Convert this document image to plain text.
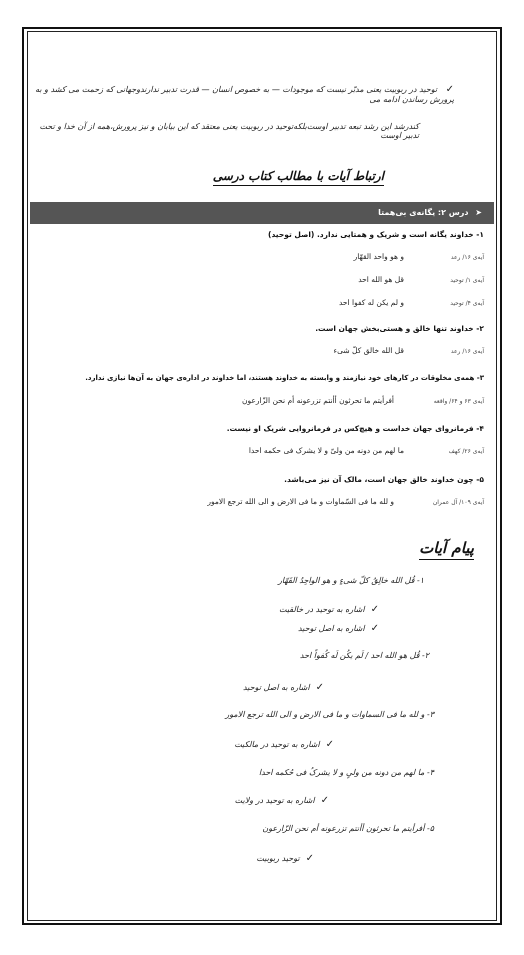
✓ توحید در ربوبیت یعنی مدبّر نیست که موجودات — به خصوص انسان — قدرت تدبیر ندارندو‌جهانی که زحمت می کشد و به پرورش رساندن ادامه می
کندرشد این رشد تبعه تدبیر اوست‌بلکه‌توحید در ربوبیت یعنی معتقد که این بیابان و نیز پرورش،همه از آن خدا و تحت تدبیر اوست
ارتباط آیات با مطالب کتاب درسی
➤ درس ۲: یگانه‌ی بی‌همتا
۱- خداوند یگانه است و شریک و همتایی ندارد. (اصل توحید)
آیه‌ی ۱۶/ رعد
و هو واحد القهّار
آیه‌ی ۱/ توحید
قل هو الله احد
آیه‌ی ۴/ توحید
و لم یکن له کفوا احد
۲- خداوند تنها خالق و هستی‌بخش جهان است.
آیه‌ی ۱۶/ رعد
قل الله خالق کلّ شیء
۳- همه‌ی مخلوقات در کارهای خود نیازمند و وابسته به خداوند هستند، اما خداوند در اداره‌ی جهان به آن‌ها نیازی ندارد.
آیه‌ی ۶۳ و ۶۴/ واقعه
أفرأیتم ما تحرثون أأنتم تزرعونه أم نحن الزّارعون
۴- فرمانروای جهان خداست و هیچ‌کس در فرمانروایی شریک او نیست.
آیه‌ی ۲۶/ کهف
ما لهم من دونه من ولیّ و لا یشرک فی حکمه احدا
۵- چون خداوند خالق جهان است، مالک آن نیز می‌باشد.
آیه‌ی ۱۰۹/ آل عمران
و لله ما فی السّماوات و ما فی الارض و الی الله ترجع الامور
پیام آیات
۱- قُل الله خالِقُ کلّ شیءٍ و هو الواحِدُ القَهّار
✓اشاره به توحید در خالقیت
✓اشاره به اصل توحید
۲- قُل هو الله احد / لَم یکُن لَه کُفواً احد
✓اشاره به اصل توحید
۳- و لله ما فی السماوات و ما فی الارض و الی الله ترجع الامور
✓اشاره به توحید در مالکیت
۴- ما لهم من دونه من ولیٍ و لا یشرکُ فی حُکمه احدا
✓اشاره به توحید در ولایت
۵- أفرأیتم ما تحرثون أأنتم تزرعونه أم نحن الزّارعون
✓توحید ربوبیت
